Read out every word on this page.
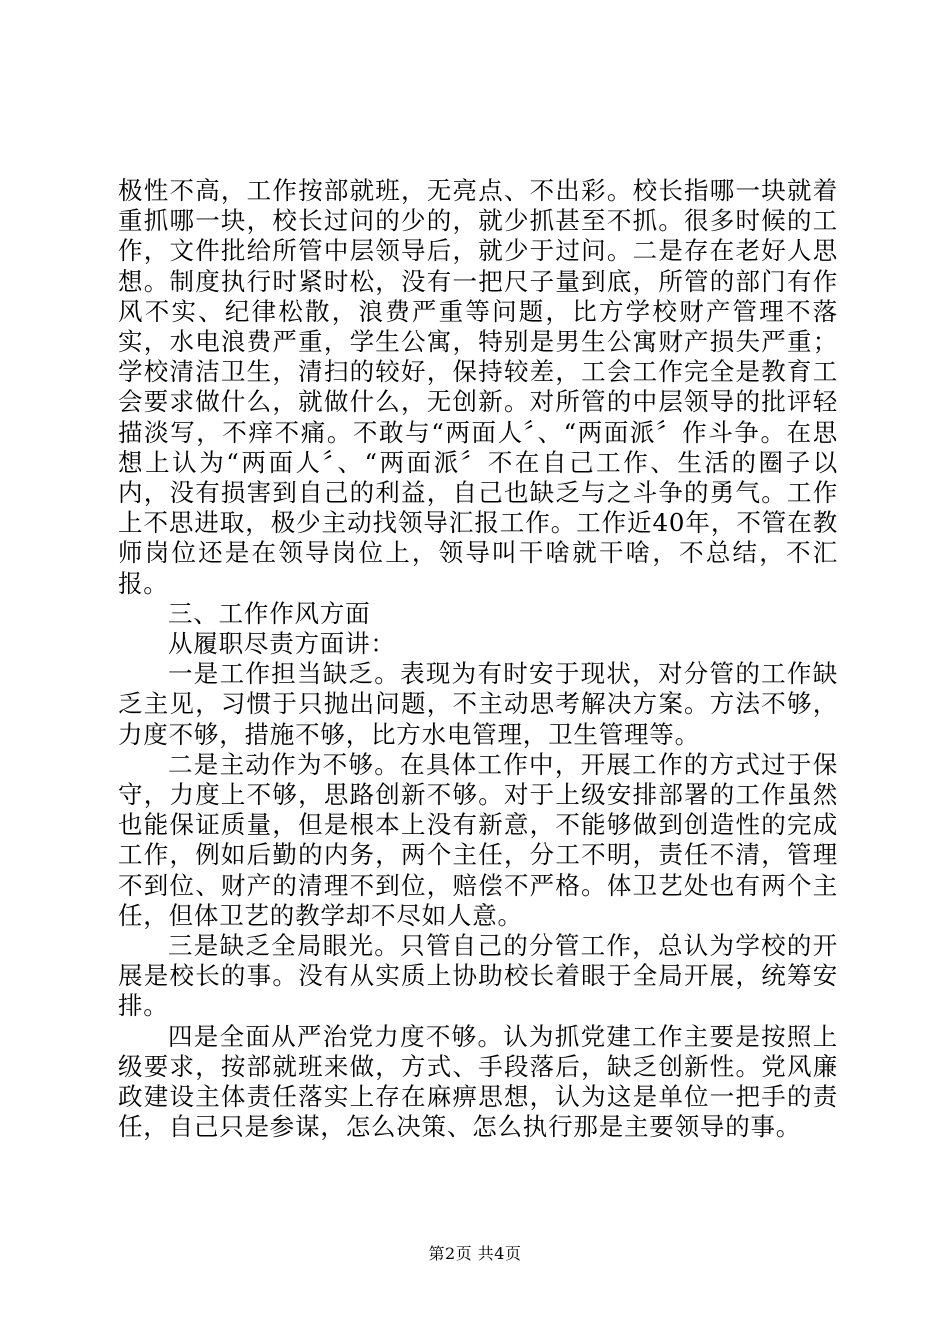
极性不高，工作按部就班，无亮点、不出彩。校长指哪一块就着重抓哪一块，校长过问的少的，就少抓甚至不抓。很多时候的工作，文件批给所管中层领导后，就少于过问。二是存在老好人思想。制度执行时紧时松，没有一把尺子量到底，所管的部门有作风不实、纪律松散，浪费严重等问题，比方学校财产管理不落实，水电浪费严重，学生公寓，特别是男生公寓财产损失严重；学校清洁卫生，清扫的较好，保持较差，工会工作完全是教育工会要求做什么，就做什么，无创新。对所管的中层领导的批评轻描淡写，不痒不痛。不敢与“两面人〞、“两面派〞作斗争。在思想上认为“两面人〞、“两面派〞不在自己工作、生活的圈子以内，没有损害到自己的利益，自己也缺乏与之斗争的勇气。工作上不思进取，极少主动找领导汇报工作。工作近40年，不管在教师岗位还是在领导岗位上，领导叫干啥就干啥，不总结，不汇报。

三、工作作风方面

从履职尽责方面讲：

一是工作担当缺乏。表现为有时安于现状，对分管的工作缺乏主见，习惯于只抛出问题，不主动思考解决方案。方法不够，力度不够，措施不够，比方水电管理，卫生管理等。

二是主动作为不够。在具体工作中，开展工作的方式过于保守，力度上不够，思路创新不够。对于上级安排部署的工作虽然也能保证质量，但是根本上没有新意，不能够做到创造性的完成工作，例如后勤的内务，两个主任，分工不明，责任不清，管理不到位、财产的清理不到位，赔偿不严格。体卫艺处也有两个主任，但体卫艺的教学却不尽如人意。

三是缺乏全局眼光。只管自己的分管工作，总认为学校的开展是校长的事。没有从实质上协助校长着眼于全局开展，统筹安排。

四是全面从严治党力度不够。认为抓党建工作主要是按照上级要求，按部就班来做，方式、手段落后，缺乏创新性。党风廉政建设主体责任落实上存在麻痹思想，认为这是单位一把手的责任，自己只是参谋，怎么决策、怎么执行那是主要领导的事。

第2页 共4页
